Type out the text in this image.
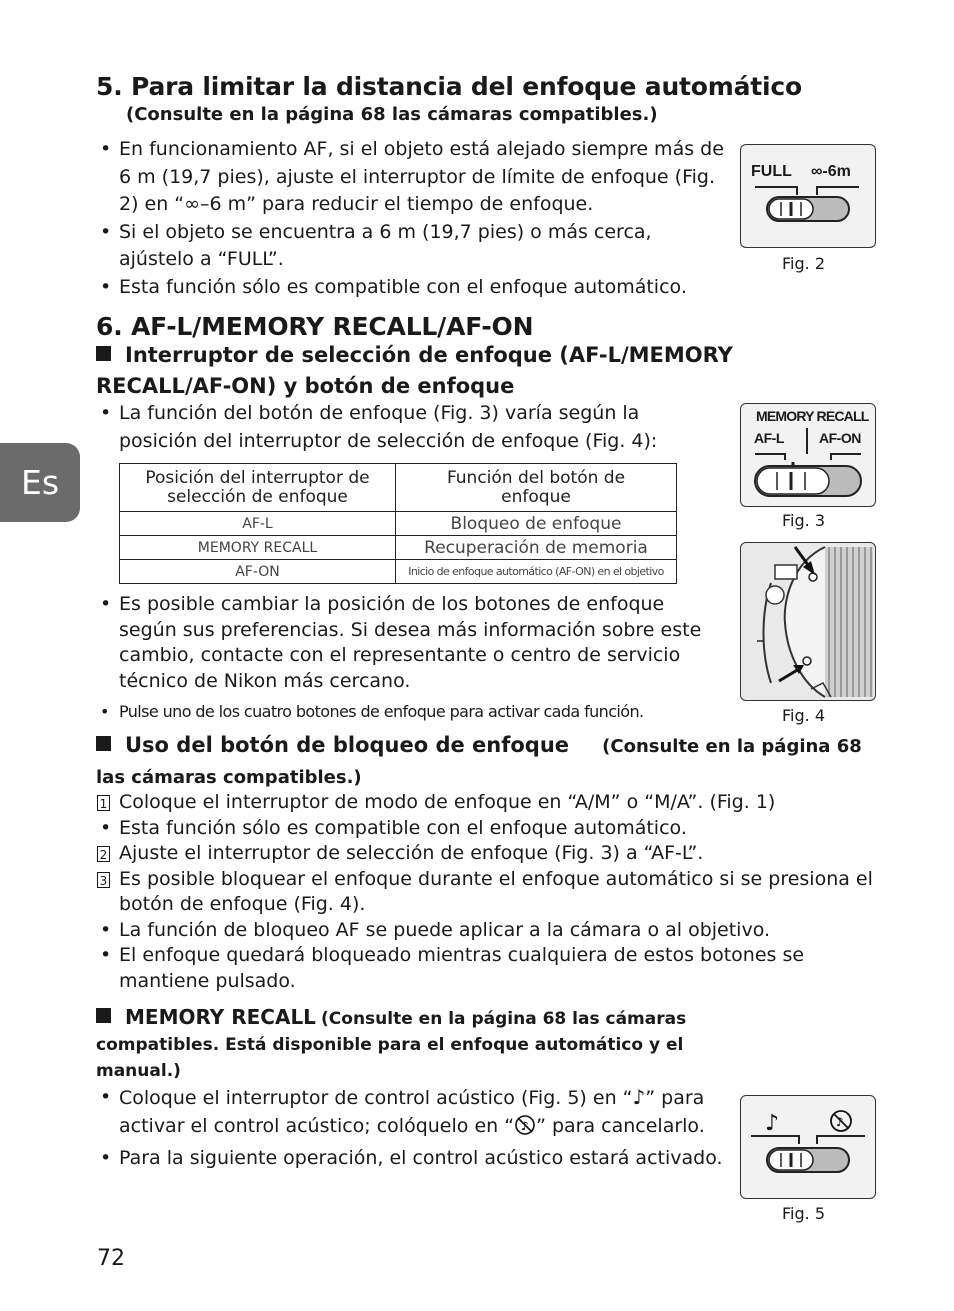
Es
5. Para limitar la distancia del enfoque automático
(Consulte en la página 68 las cámaras compatibles.)
• En funcionamiento AF, si el objeto está alejado siempre más de 6 m (19,7 pies), ajuste el interruptor de límite de enfoque (Fig. 2) en “∞–6 m” para reducir el tiempo de enfoque.
• Si el objeto se encuentra a 6 m (19,7 pies) o más cerca, ajústelo a “FULL”.
• Esta función sólo es compatible con el enfoque automático.
FULL ∞-6m
Fig. 2
6. AF-L/MEMORY RECALL/AF-ON
Interruptor de selección de enfoque (AF-L/MEMORY RECALL/AF-ON) y botón de enfoque
• La función del botón de enfoque (Fig. 3) varía según la posición del interruptor de selección de enfoque (Fig. 4):
Posición del interruptor de selección de enfoque	Función del botón de enfoque
AF-L	Bloqueo de enfoque
MEMORY RECALL	Recuperación de memoria
AF-ON	Inicio de enfoque automático (AF-ON) en el objetivo
MEMORY RECALL
AF-L	AF-ON
Fig. 3
Fig. 4
• Es posible cambiar la posición de los botones de enfoque según sus preferencias. Si desea más información sobre este cambio, contacte con el representante o centro de servicio técnico de Nikon más cercano.
• Pulse uno de los cuatro botones de enfoque para activar cada función.
Uso del botón de bloqueo de enfoque (Consulte en la página 68 las cámaras compatibles.)
1 Coloque el interruptor de modo de enfoque en “A/M” o “M/A”. (Fig. 1)
• Esta función sólo es compatible con el enfoque automático.
2 Ajuste el interruptor de selección de enfoque (Fig. 3) a “AF-L”.
3 Es posible bloquear el enfoque durante el enfoque automático si se presiona el botón de enfoque (Fig. 4).
• La función de bloqueo AF se puede aplicar a la cámara o al objetivo.
• El enfoque quedará bloqueado mientras cualquiera de estos botones se mantiene pulsado.
MEMORY RECALL (Consulte en la página 68 las cámaras compatibles. Está disponible para el enfoque automático y el manual.)
• Coloque el interruptor de control acústico (Fig. 5) en “♪” para activar el control acústico; colóquelo en “ ♪ ” para cancelarlo.
• Para la siguiente operación, el control acústico estará activado.
♪	♪
Fig. 5
72
